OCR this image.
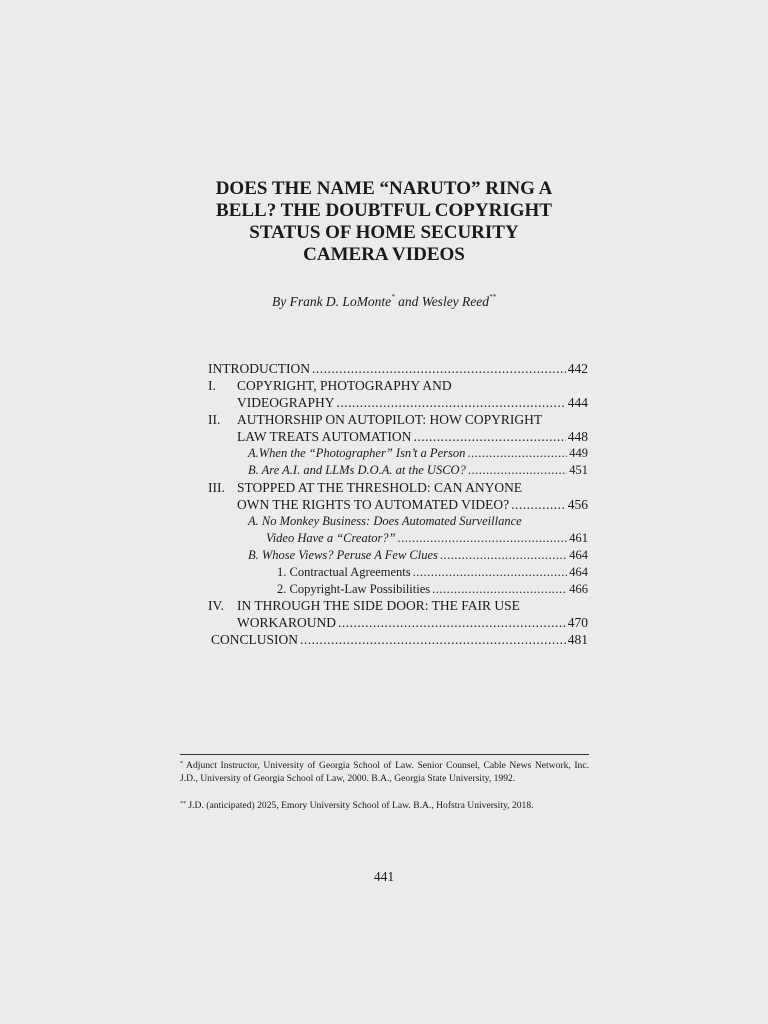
DOES THE NAME “NARUTO” RING A
BELL? THE DOUBTFUL COPYRIGHT
STATUS OF HOME SECURITY
CAMERA VIDEOS
By Frank D. LoMonte* and Wesley Reed**
INTRODUCTION .....	442
I. COPYRIGHT, PHOTOGRAPHY AND
VIDEOGRAPHY .....	444
II. AUTHORSHIP ON AUTOPILOT: HOW COPYRIGHT
LAW TREATS AUTOMATION .....	448
A.When the “Photographer” Isn’t a Person .....	449
B. Are A.I. and LLMs D.O.A. at the USCO? .....	451
III. STOPPED AT THE THRESHOLD: CAN ANYONE
OWN THE RIGHTS TO AUTOMATED VIDEO? .....	456
A. No Monkey Business: Does Automated Surveillance
Video Have a “Creator?” .....	461
B. Whose Views? Peruse A Few Clues .....	464
1. Contractual Agreements .....	464
2. Copyright-Law Possibilities .....	466
IV. IN THROUGH THE SIDE DOOR: THE FAIR USE
WORKAROUND .....	470
CONCLUSION .....	481
* Adjunct Instructor, University of Georgia School of Law. Senior Counsel, Cable News Network, Inc. J.D., University of Georgia School of Law, 2000. B.A., Georgia State University, 1992.
** J.D. (anticipated) 2025, Emory University School of Law. B.A., Hofstra University, 2018.
441
